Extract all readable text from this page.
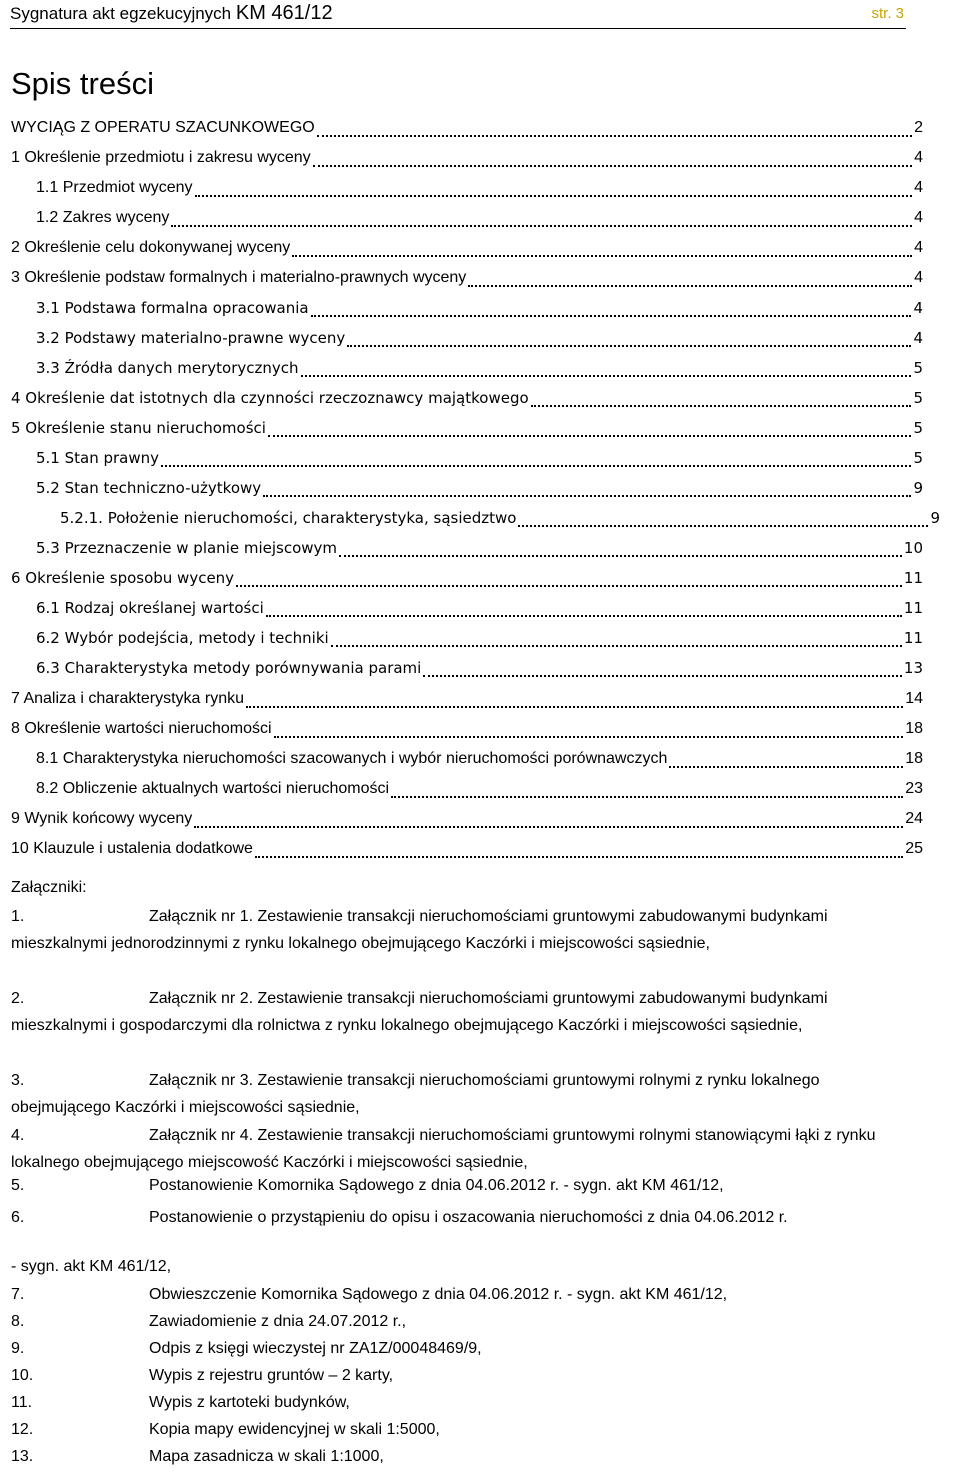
Sygnatura akt egzekucyjnych KM 461/12	str. 3
Spis treści
WYCIĄG Z OPERATU SZACUNKOWEGO	2
1 Określenie przedmiotu i zakresu wyceny	4
1.1 Przedmiot wyceny	4
1.2 Zakres wyceny	4
2 Określenie celu dokonywanej wyceny	4
3 Określenie podstaw formalnych i materialno-prawnych wyceny	4
3.1 Podstawa formalna opracowania	4
3.2 Podstawy materialno-prawne wyceny	4
3.3 Źródła danych merytorycznych	5
4 Określenie dat istotnych dla czynności rzeczoznawcy majątkowego	5
5 Określenie stanu nieruchomości	5
5.1 Stan prawny	5
5.2 Stan techniczno-użytkowy	9
5.2.1. Położenie nieruchomości, charakterystyka, sąsiedztwo	9
5.3 Przeznaczenie w planie miejscowym	10
6 Określenie sposobu wyceny	11
6.1 Rodzaj określanej wartości	11
6.2 Wybór podejścia, metody i techniki	11
6.3 Charakterystyka metody porównywania parami	13
7 Analiza i charakterystyka rynku	14
8 Określenie wartości nieruchomości	18
8.1 Charakterystyka nieruchomości szacowanych i wybór nieruchomości porównawczych	18
8.2 Obliczenie aktualnych wartości nieruchomości	23
9 Wynik końcowy wyceny	24
10 Klauzule i ustalenia dodatkowe	25
Załączniki:
1.	Załącznik nr 1. Zestawienie transakcji nieruchomościami gruntowymi zabudowanymi budynkami mieszkalnymi jednorodzinnymi z rynku lokalnego obejmującego Kaczórki i miejscowości sąsiednie,
2.	Załącznik nr 2. Zestawienie transakcji nieruchomościami gruntowymi zabudowanymi budynkami mieszkalnymi i gospodarczymi dla rolnictwa z rynku lokalnego obejmującego Kaczórki i miejscowości sąsiednie,
3.	Załącznik nr 3. Zestawienie transakcji nieruchomościami gruntowymi rolnymi z rynku lokalnego obejmującego Kaczórki i miejscowości sąsiednie,
4.	Załącznik nr 4. Zestawienie transakcji nieruchomościami gruntowymi rolnymi stanowiącymi łąki z rynku lokalnego obejmującego miejscowość Kaczórki i miejscowości sąsiednie,
5.	Postanowienie Komornika Sądowego z dnia 04.06.2012 r. - sygn. akt KM 461/12,
6.	Postanowienie o przystąpieniu do opisu i oszacowania nieruchomości z dnia 04.06.2012 r.
- sygn. akt KM 461/12,
7.	Obwieszczenie Komornika Sądowego z dnia 04.06.2012 r. - sygn. akt KM 461/12,
8.	Zawiadomienie z dnia 24.07.2012 r.,
9.	Odpis z księgi wieczystej nr ZA1Z/00048469/9,
10.	Wypis z rejestru gruntów – 2 karty,
11.	Wypis z kartoteki budynków,
12.	Kopia mapy ewidencyjnej w skali 1:5000,
13.	Mapa zasadnicza w skali 1:1000,
